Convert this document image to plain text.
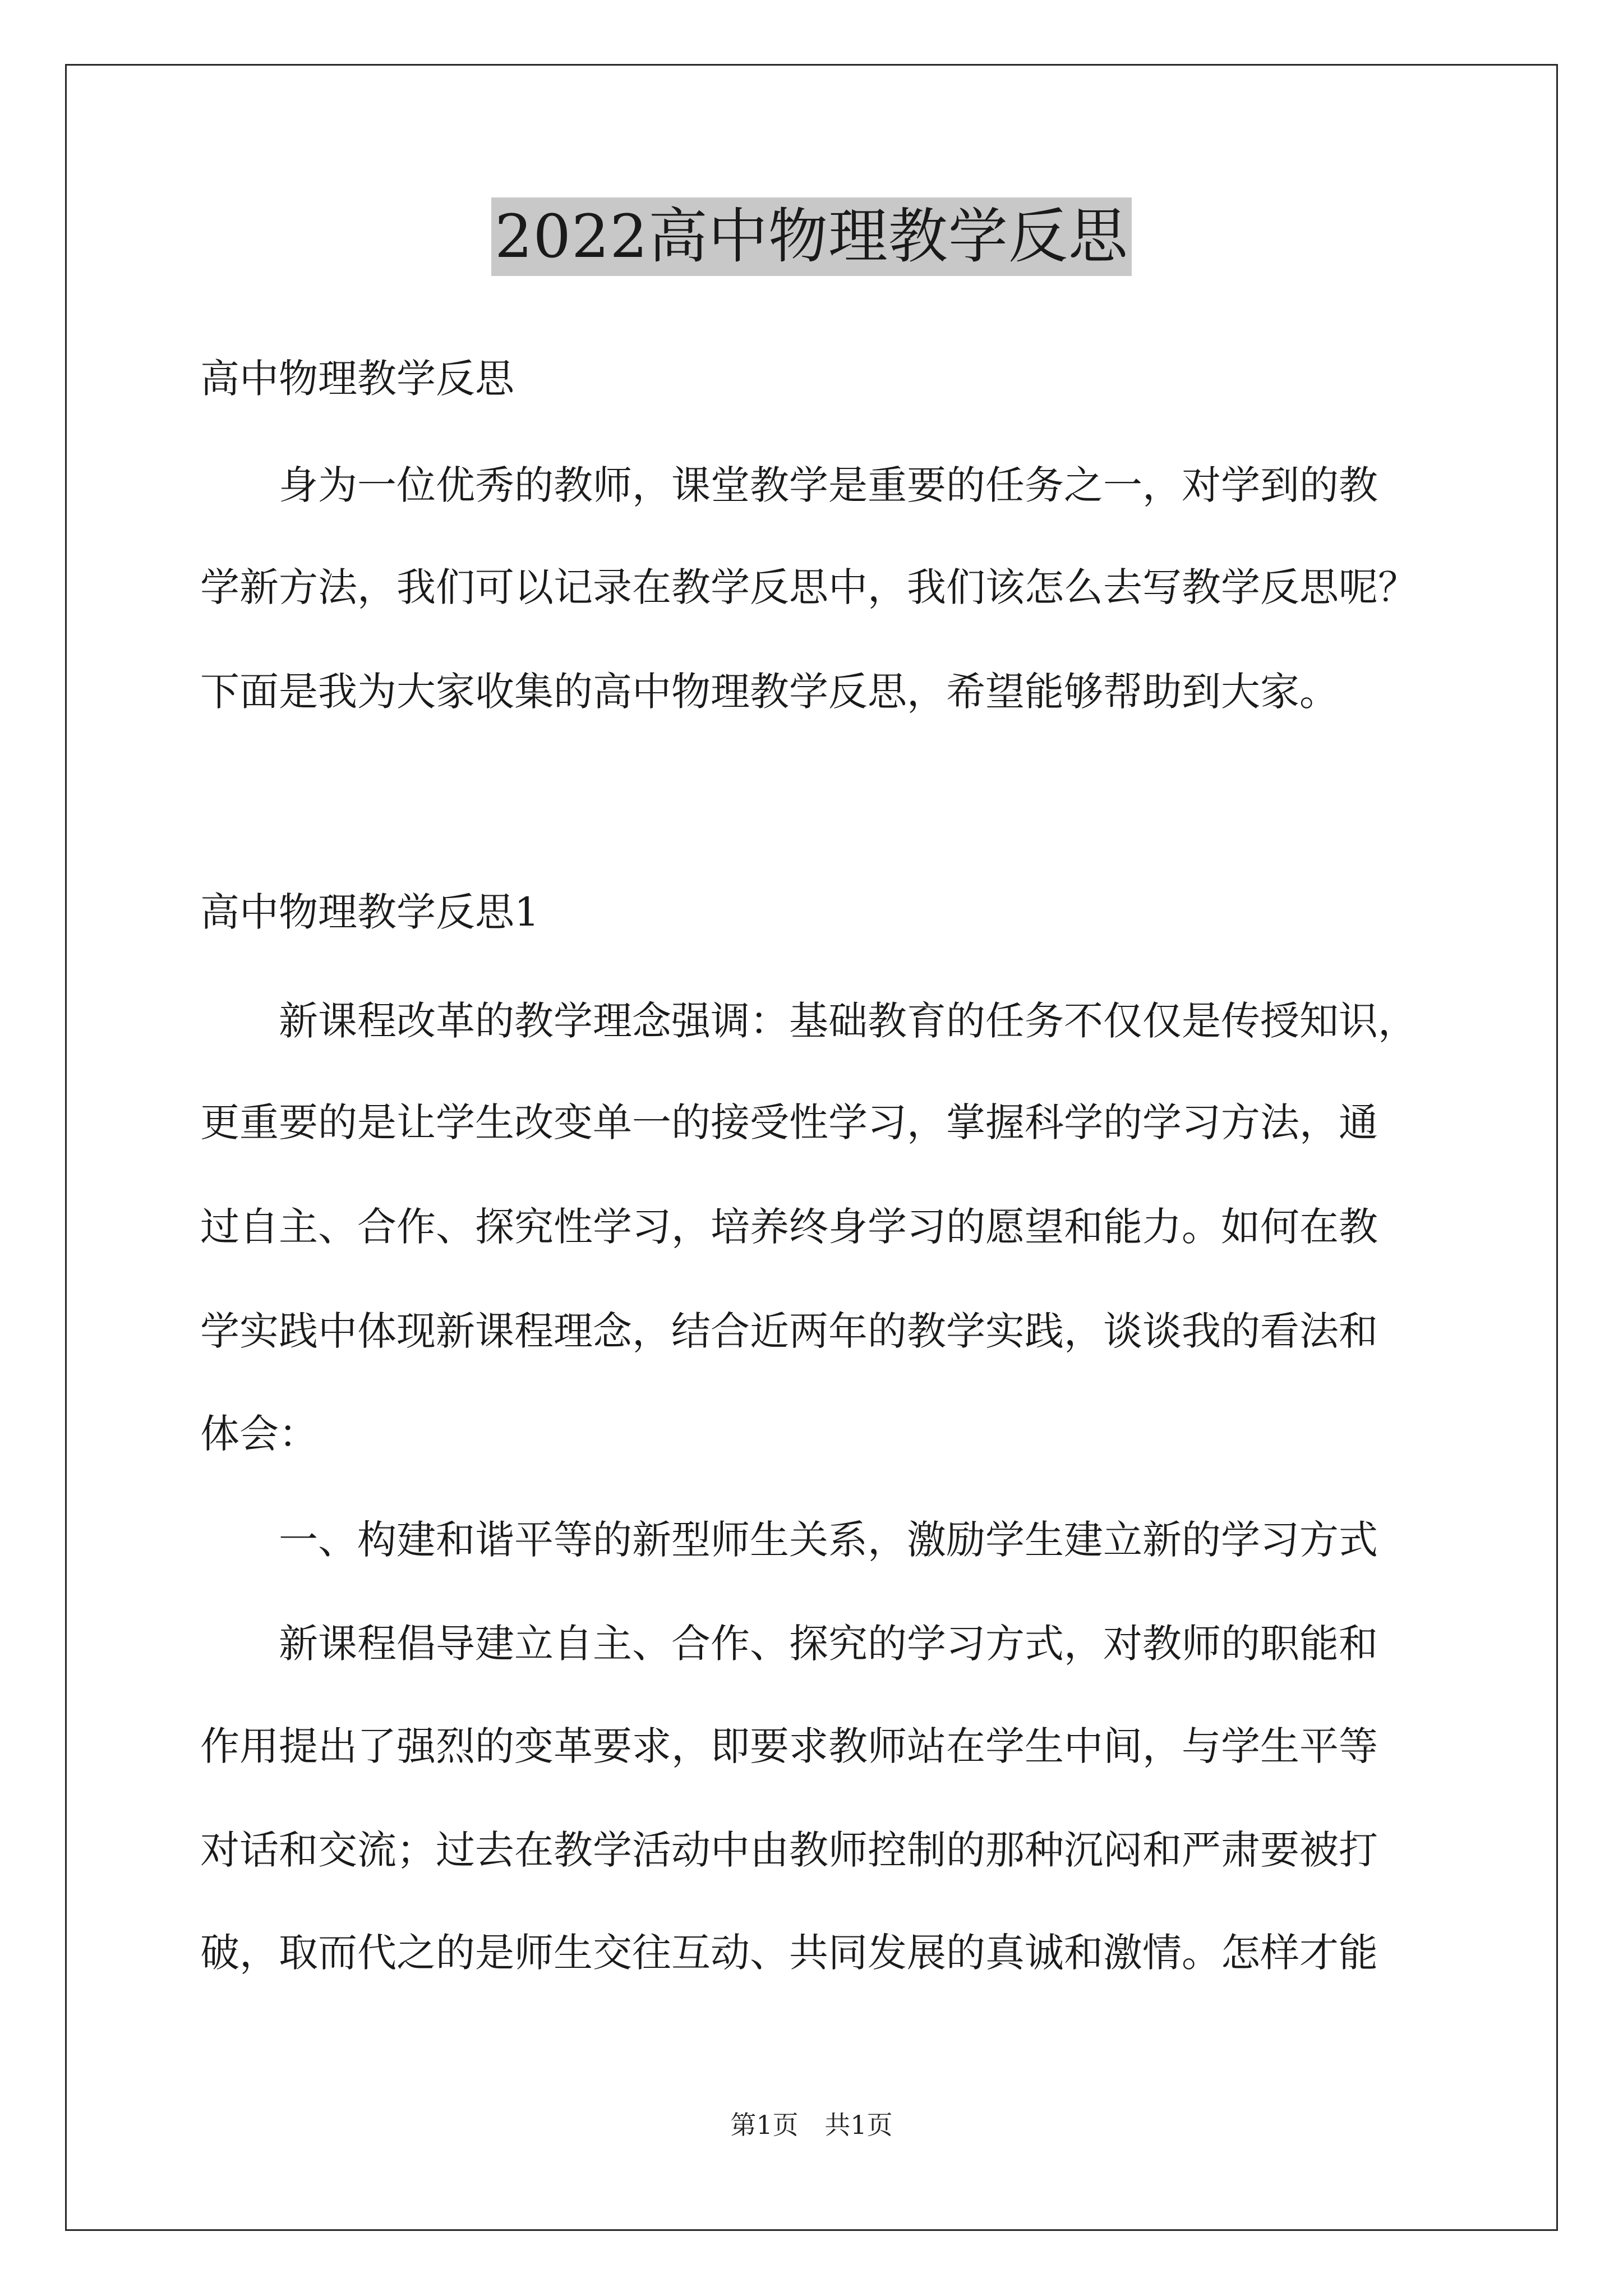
2022高中物理教学反思
高中物理教学反思
身为一位优秀的教师，课堂教学是重要的任务之一，对学到的教
学新方法，我们可以记录在教学反思中，我们该怎么去写教学反思呢？
下面是我为大家收集的高中物理教学反思，希望能够帮助到大家。
高中物理教学反思1
新课程改革的教学理念强调：基础教育的任务不仅仅是传授知识，
更重要的是让学生改变单一的接受性学习，掌握科学的学习方法，通
过自主、合作、探究性学习，培养终身学习的愿望和能力。如何在教
学实践中体现新课程理念，结合近两年的教学实践，谈谈我的看法和
体会：
一、构建和谐平等的新型师生关系，激励学生建立新的学习方式
新课程倡导建立自主、合作、探究的学习方式，对教师的职能和
作用提出了强烈的变革要求，即要求教师站在学生中间，与学生平等
对话和交流；过去在教学活动中由教师控制的那种沉闷和严肃要被打
破，取而代之的是师生交往互动、共同发展的真诚和激情。怎样才能
第1页 共1页
